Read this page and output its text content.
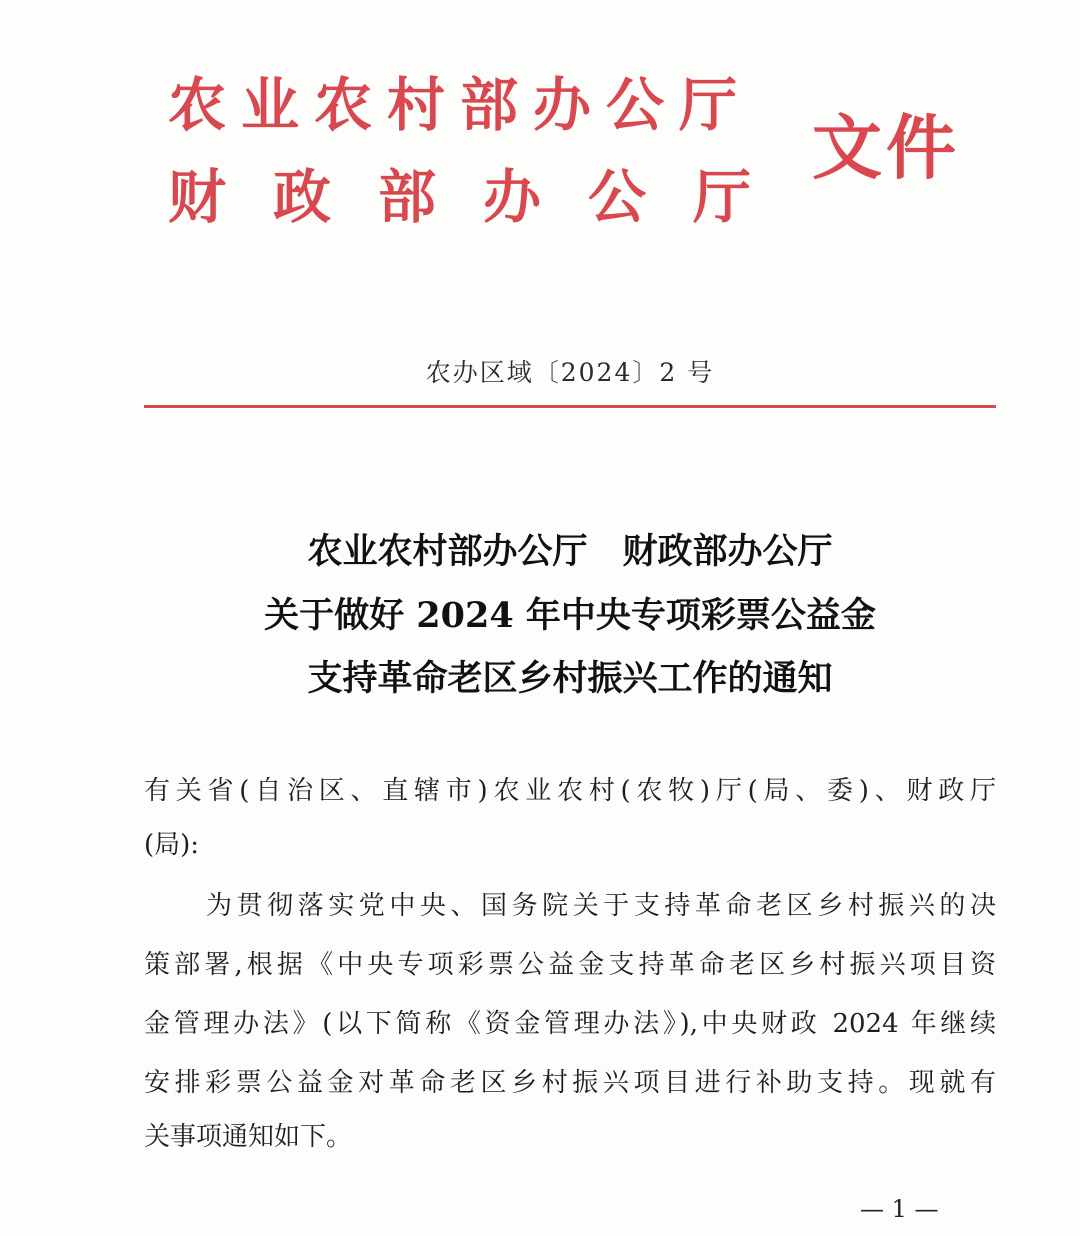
农业农村部办公厅
财政部办公厅
文件
农办区域〔2024〕2 号
农业农村部办公厅　财政部办公厅
关于做好 2024 年中央专项彩票公益金
支持革命老区乡村振兴工作的通知
有关省(自治区、直辖市)农业农村(农牧)厅(局、委)、财政厅
(局):
为贯彻落实党中央、国务院关于支持革命老区乡村振兴的决
策部署,根据《中央专项彩票公益金支持革命老区乡村振兴项目资
金管理办法》(以下简称《资金管理办法》),中央财政 2024 年继续
安排彩票公益金对革命老区乡村振兴项目进行补助支持。现就有
关事项通知如下。
— 1 —
